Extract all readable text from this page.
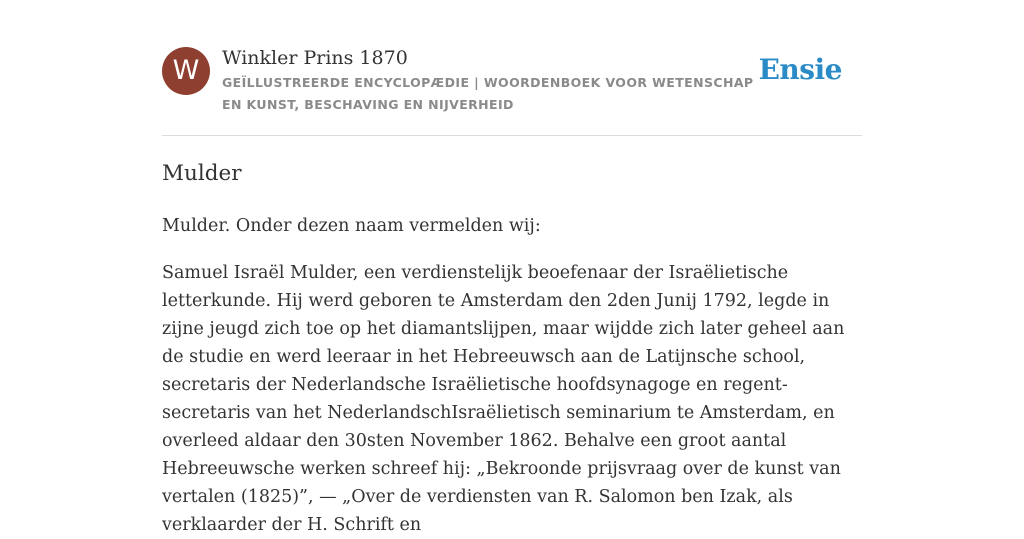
W	Winkler Prins 1870
GEÏLLUSTREERDE ENCYCLOPÆDIE | WOORDENBOEK VOOR WETENSCHAP EN KUNST, BESCHAVING EN NIJVERHEID
Ensie
Mulder

Mulder. Onder dezen naam vermelden wij:

Samuel Israël Mulder, een verdienstelijk beoefenaar der Israëlietische letterkunde. Hij werd geboren te Amsterdam den 2den Junij 1792, legde in zijne jeugd zich toe op het diamantslijpen, maar wijdde zich later geheel aan de studie en werd leeraar in het Hebreeuwsch aan de Latijnsche school, secretaris der Nederlandsche Israëlietische hoofdsynagoge en regent-secretaris van het NederlandschIsraëlietisch seminarium te Amsterdam, en overleed aldaar den 30sten November 1862. Behalve een groot aantal Hebreeuwsche werken schreef hij: „Bekroonde prijsvraag over de kunst van vertalen (1825)”, — „Over de verdiensten van R. Salomon ben Izak, als verklaarder der H. Schrift en
